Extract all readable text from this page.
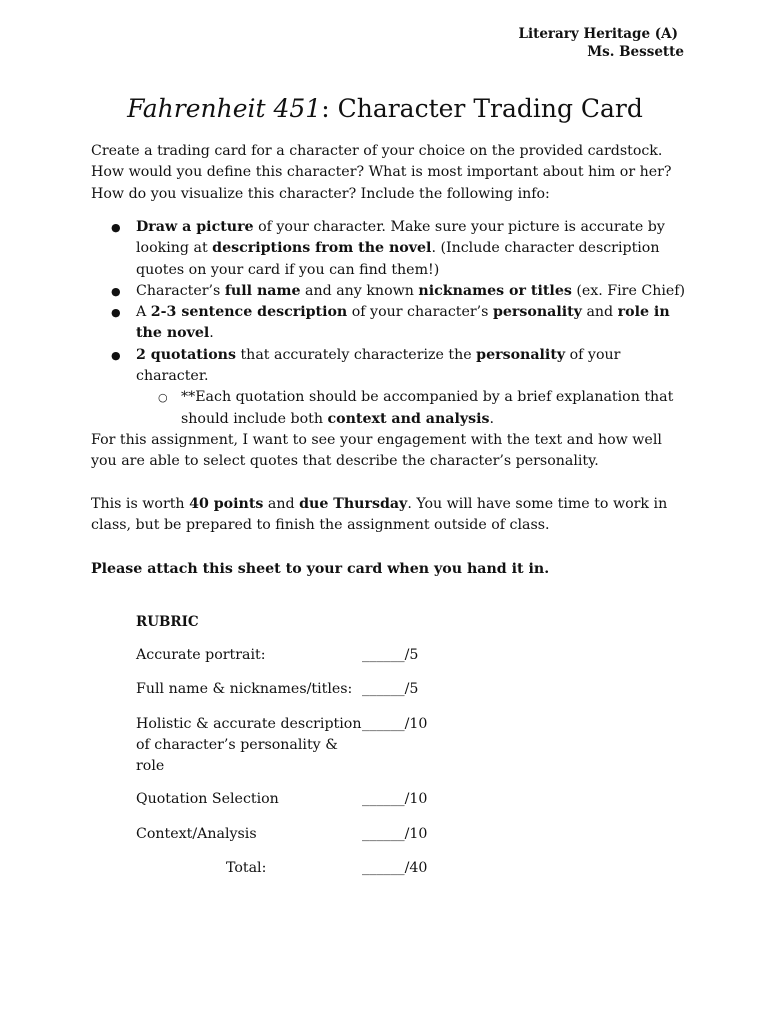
Literary Heritage (A)
Ms. Bessette
Fahrenheit 451: Character Trading Card

Create a trading card for a character of your choice on the provided cardstock. How would you define this character? What is most important about him or her? How do you visualize this character? Include the following info:

● Draw a picture of your character. Make sure your picture is accurate by looking at descriptions from the novel. (Include character description quotes on your card if you can find them!)
● Character’s full name and any known nicknames or titles (ex. Fire Chief)
● A 2-3 sentence description of your character’s personality and role in the novel.
● 2 quotations that accurately characterize the personality of your character.
○ **Each quotation should be accompanied by a brief explanation that should include both context and analysis.

For this assignment, I want to see your engagement with the text and how well you are able to select quotes that describe the character’s personality.

This is worth 40 points and due Thursday. You will have some time to work in class, but be prepared to finish the assignment outside of class.

Please attach this sheet to your card when you hand it in.

RUBRIC
Accurate portrait:	______/5
Full name & nicknames/titles: ______/5
Holistic & accurate description
of character’s personality & role
______/10
Quotation Selection	______/10
Context/Analysis	______/10
Total:	______/40
